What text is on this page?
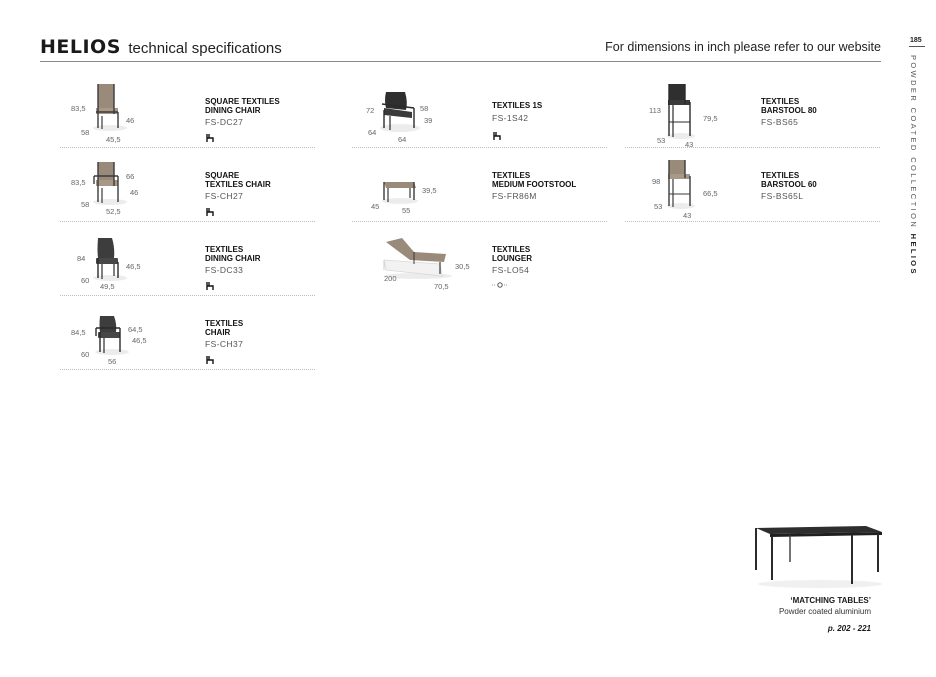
HELIOS technical specifications	For dimensions in inch please refer to our website	185
POWDER COATED COLLECTION HELIOS
83,5
46
58
45,5
SQUARE TEXTILES
DINING CHAIR
FS-DC27
83,5
66
46
58
52,5
SQUARE
TEXTILES CHAIR
FS-CH27
84
46,5
60
49,5
TEXTILES
DINING CHAIR
FS-DC33
84,5	64,5
46,5
60
56
TEXTILES
CHAIR
FS-CH37
72	58
39
64
64
TEXTILES 1S
FS-1S42
39,5
45	55
TEXTILES
MEDIUM FOOTSTOOL
FS-FR86M
30,5
200
70,5
TEXTILES
LOUNGER
FS-LO54
113
79,5
53	43
TEXTILES
BARSTOOL 80
FS-BS65
98
66,5
53
43
TEXTILES
BARSTOOL 60
FS-BS65L
‘MATCHING TABLES’
Powder coated aluminium
p. 202 - 221
